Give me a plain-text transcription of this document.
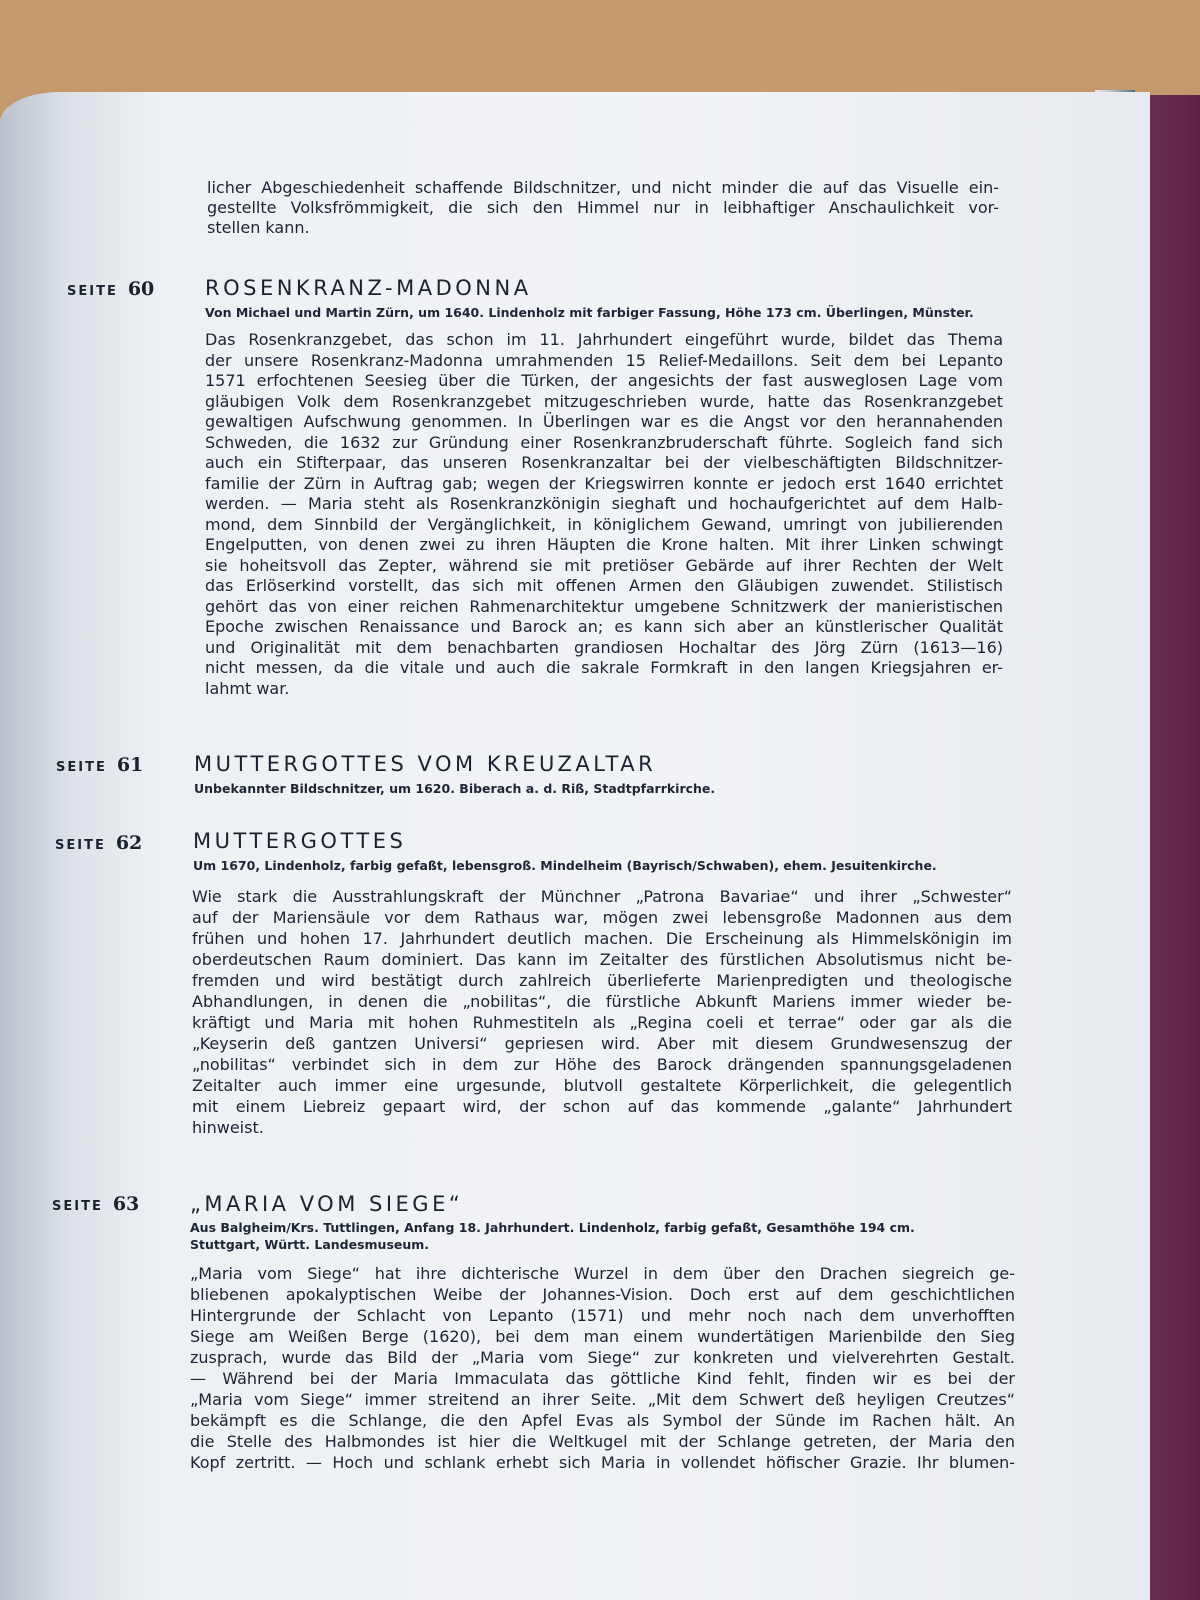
licher Abgeschiedenheit schaffende Bildschnitzer, und nicht minder die auf das Visuelle ein-
gestellte Volksfrömmigkeit, die sich den Himmel nur in leibhaftiger Anschaulichkeit vor-
stellen kann.
SEITE 60 ROSENKRANZ-MADONNA
Von Michael und Martin Zürn, um 1640. Lindenholz mit farbiger Fassung, Höhe 173 cm. Überlingen, Münster.
Das Rosenkranzgebet, das schon im 11. Jahrhundert eingeführt wurde, bildet das Thema
der unsere Rosenkranz-Madonna umrahmenden 15 Relief-Medaillons. Seit dem bei Lepanto
1571 erfochtenen Seesieg über die Türken, der angesichts der fast ausweglosen Lage vom
gläubigen Volk dem Rosenkranzgebet mitzugeschrieben wurde, hatte das Rosenkranzgebet
gewaltigen Aufschwung genommen. In Überlingen war es die Angst vor den herannahenden
Schweden, die 1632 zur Gründung einer Rosenkranzbruderschaft führte. Sogleich fand sich
auch ein Stifterpaar, das unseren Rosenkranzaltar bei der vielbeschäftigten Bildschnitzer-
familie der Zürn in Auftrag gab; wegen der Kriegswirren konnte er jedoch erst 1640 errichtet
werden. — Maria steht als Rosenkranzkönigin sieghaft und hochaufgerichtet auf dem Halb-
mond, dem Sinnbild der Vergänglichkeit, in königlichem Gewand, umringt von jubilierenden
Engelputten, von denen zwei zu ihren Häupten die Krone halten. Mit ihrer Linken schwingt
sie hoheitsvoll das Zepter, während sie mit pretiöser Gebärde auf ihrer Rechten der Welt
das Erlöserkind vorstellt, das sich mit offenen Armen den Gläubigen zuwendet. Stilistisch
gehört das von einer reichen Rahmenarchitektur umgebene Schnitzwerk der manieristischen
Epoche zwischen Renaissance und Barock an; es kann sich aber an künstlerischer Qualität
und Originalität mit dem benachbarten grandiosen Hochaltar des Jörg Zürn (1613—16)
nicht messen, da die vitale und auch die sakrale Formkraft in den langen Kriegsjahren er-
lahmt war.
SEITE 61 MUTTERGOTTES VOM KREUZALTAR
Unbekannter Bildschnitzer, um 1620. Biberach a. d. Riß, Stadtpfarrkirche.
SEITE 62 MUTTERGOTTES
Um 1670, Lindenholz, farbig gefaßt, lebensgroß. Mindelheim (Bayrisch/Schwaben), ehem. Jesuitenkirche.
Wie stark die Ausstrahlungskraft der Münchner „Patrona Bavariae“ und ihrer „Schwester“
auf der Mariensäule vor dem Rathaus war, mögen zwei lebensgroße Madonnen aus dem
frühen und hohen 17. Jahrhundert deutlich machen. Die Erscheinung als Himmelskönigin im
oberdeutschen Raum dominiert. Das kann im Zeitalter des fürstlichen Absolutismus nicht be-
fremden und wird bestätigt durch zahlreich überlieferte Marienpredigten und theologische
Abhandlungen, in denen die „nobilitas“, die fürstliche Abkunft Mariens immer wieder be-
kräftigt und Maria mit hohen Ruhmestiteln als „Regina coeli et terrae“ oder gar als die
„Keyserin deß gantzen Universi“ gepriesen wird. Aber mit diesem Grundwesenszug der
„nobilitas“ verbindet sich in dem zur Höhe des Barock drängenden spannungsgeladenen
Zeitalter auch immer eine urgesunde, blutvoll gestaltete Körperlichkeit, die gelegentlich
mit einem Liebreiz gepaart wird, der schon auf das kommende „galante“ Jahrhundert
hinweist.
SEITE 63 „MARIA VOM SIEGE“
Aus Balgheim/Krs. Tuttlingen, Anfang 18. Jahrhundert. Lindenholz, farbig gefaßt, Gesamthöhe 194 cm.
Stuttgart, Württ. Landesmuseum.
„Maria vom Siege“ hat ihre dichterische Wurzel in dem über den Drachen siegreich ge-
bliebenen apokalyptischen Weibe der Johannes-Vision. Doch erst auf dem geschichtlichen
Hintergrunde der Schlacht von Lepanto (1571) und mehr noch nach dem unverhofften
Siege am Weißen Berge (1620), bei dem man einem wundertätigen Marienbilde den Sieg
zusprach, wurde das Bild der „Maria vom Siege“ zur konkreten und vielverehrten Gestalt.
— Während bei der Maria Immaculata das göttliche Kind fehlt, finden wir es bei der
„Maria vom Siege“ immer streitend an ihrer Seite. „Mit dem Schwert deß heyligen Creutzes“
bekämpft es die Schlange, die den Apfel Evas als Symbol der Sünde im Rachen hält. An
die Stelle des Halbmondes ist hier die Weltkugel mit der Schlange getreten, der Maria den
Kopf zertritt. — Hoch und schlank erhebt sich Maria in vollendet höfischer Grazie. Ihr blumen-
